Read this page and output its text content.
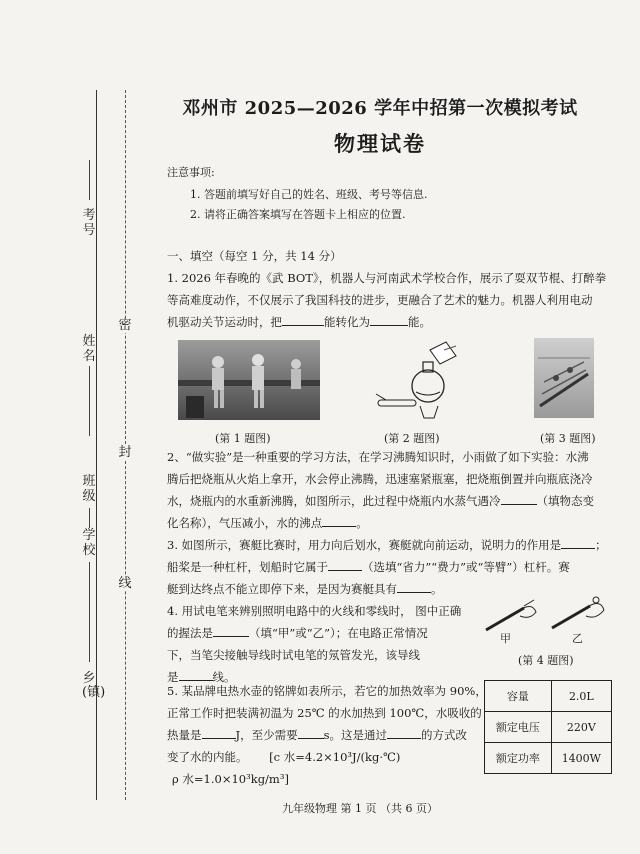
考号
姓名
班级
学校
乡(镇)
密
封
线
邓州市 2025—2026 学年中招第一次模拟考试
物理试卷
注意事项:
1. 答题前填写好自己的姓名、班级、考号等信息.
2. 请将正确答案填写在答题卡上相应的位置.
一、填空（每空 1 分，共 14 分）
1. 2026 年春晚的《武 BOT》，机器人与河南武术学校合作，展示了耍双节棍、打醉拳
等高难度动作，不仅展示了我国科技的进步，更融合了艺术的魅力。机器人利用电动
机驱动关节运动时，把	能转化为	能。
(第 1 题图)	(第 2 题图)	(第 3 题图)
2、“做实验”是一种重要的学习方法，在学习沸腾知识时，小雨做了如下实验：水沸
腾后把烧瓶从火焰上拿开，水会停止沸腾，迅速塞紧瓶塞，把烧瓶倒置并向瓶底浇冷
水，烧瓶内的水重新沸腾，如图所示，此过程中烧瓶内水蒸气遇冷	（填物态变
化名称），气压减小，水的沸点	。
3. 如图所示，赛艇比赛时，用力向后划水，赛艇就向前运动，说明力的作用是	；
船桨是一种杠杆，划船时它属于	（选填“省力”“费力”或“等臂”）杠杆。赛
艇到达终点不能立即停下来，是因为赛艇具有	。
4. 用试电笔来辨别照明电路中的火线和零线时， 图中正确
的握法是	（填“甲”或“乙”）；在电路正常情况
下，当笔尖接触导线时试电笔的氖管发光，该导线
是	线。
甲	乙
(第 4 题图)
5. 某品牌电热水壶的铭牌如表所示，若它的加热效率为 90%，
正常工作时把装满初温为 25℃ 的水加热到 100℃，水吸收的
热量是	J，至少需要 s。这是通过	的方式改
变了水的内能。 [c 水=4.2×10³J/(kg·℃)
ρ 水=1.0×10³kg/m³]
容量	2.0L
额定电压	220V
额定功率	1400W
九年级物理 第 1 页 （共 6 页）
